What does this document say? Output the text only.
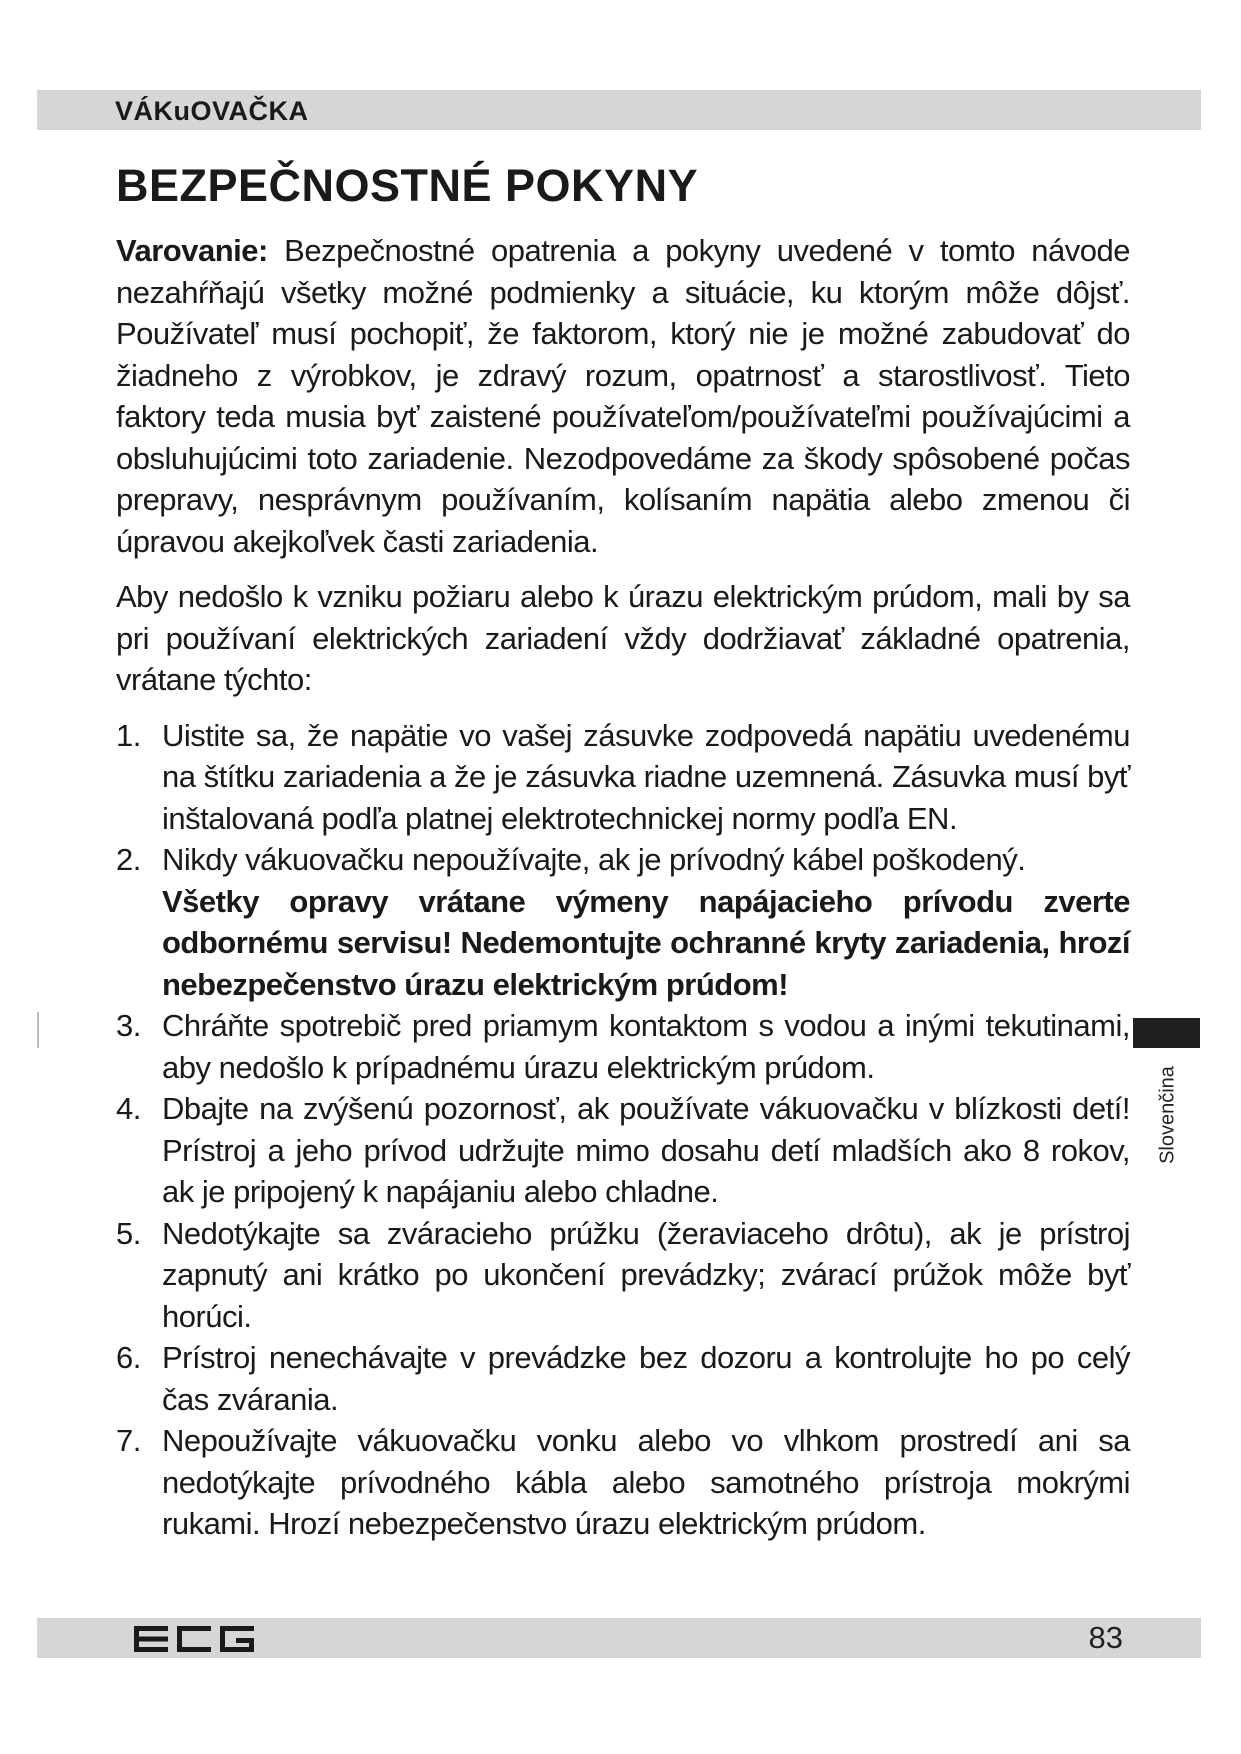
VÁKuOVAČKA
BEZPEČNOSTNÉ POKYNY

Varovanie: Bezpečnostné opatrenia a pokyny uvedené v tomto návode nezahŕňajú všetky možné podmienky a situácie, ku ktorým môže dôjsť. Používateľ musí pochopiť, že faktorom, ktorý nie je možné zabudovať do žiadneho z výrobkov, je zdravý rozum, opatrnosť a starostlivosť. Tieto faktory teda musia byť zaistené používateľom/používateľmi používajúcimi a obsluhujúcimi toto zariadenie. Nezodpovedáme za škody spôsobené počas prepravy, nesprávnym používaním, kolísaním napätia alebo zmenou či úpravou akejkoľvek časti zariadenia.

Aby nedošlo k vzniku požiaru alebo k úrazu elektrickým prúdom, mali by sa pri používaní elektrických zariadení vždy dodržiavať základné opatrenia, vrátane týchto:

1. Uistite sa, že napätie vo vašej zásuvke zodpovedá napätiu uvedenému na štítku zariadenia a že je zásuvka riadne uzemnená. Zásuvka musí byť inštalovaná podľa platnej elektrotechnickej normy podľa EN.
2. Nikdy vákuovačku nepoužívajte, ak je prívodný kábel poškodený.
Všetky opravy vrátane výmeny napájacieho prívodu zverte odbornému servisu! Nedemontujte ochranné kryty zariadenia, hrozí nebezpečenstvo úrazu elektrickým prúdom!
3. Chráňte spotrebič pred priamym kontaktom s vodou a inými tekutinami, aby nedošlo k prípadnému úrazu elektrickým prúdom.
4. Dbajte na zvýšenú pozornosť, ak používate vákuovačku v blízkosti detí! Prístroj a jeho prívod udržujte mimo dosahu detí mladších ako 8 rokov, ak je pripojený k napájaniu alebo chladne.
5. Nedotýkajte sa zváracieho prúžku (žeraviaceho drôtu), ak je prístroj zapnutý ani krátko po ukončení prevádzky; zvárací prúžok môže byť horúci.
6. Prístroj nenechávajte v prevádzke bez dozoru a kontrolujte ho po celý čas zvárania.
7. Nepoužívajte vákuovačku vonku alebo vo vlhkom prostredí ani sa nedotýkajte prívodného kábla alebo samotného prístroja mokrými rukami. Hrozí nebezpečenstvo úrazu elektrickým prúdom.
Slovenčina
83
